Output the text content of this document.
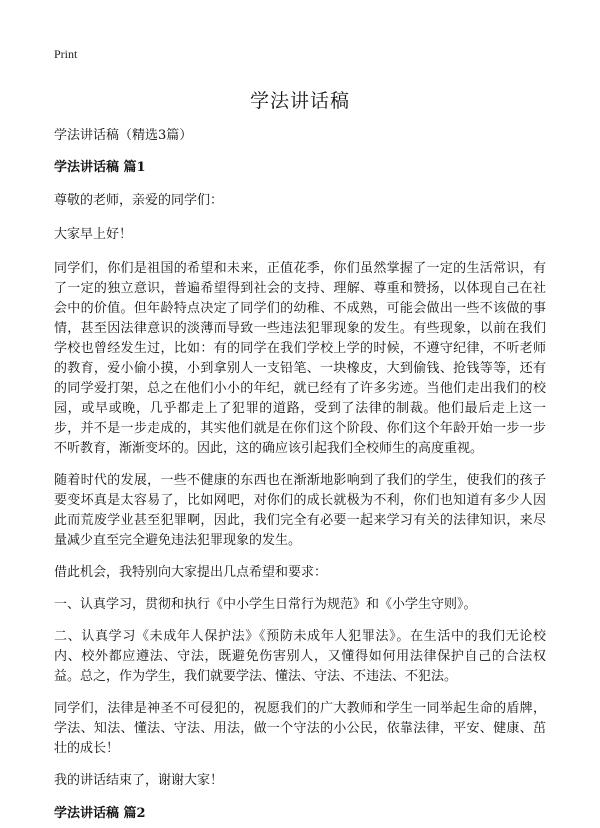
Print
学法讲话稿
学法讲话稿（精选3篇）
学法讲话稿 篇1

尊敬的老师，亲爱的同学们：

大家早上好！

同学们，你们是祖国的希望和未来，正值花季，你们虽然掌握了一定的生活常识，有了一定的独立意识，普遍希望得到社会的支持、理解、尊重和赞扬，以体现自己在社会中的价值。但年龄特点决定了同学们的幼稚、不成熟，可能会做出一些不该做的事情，甚至因法律意识的淡薄而导致一些违法犯罪现象的发生。有些现象，以前在我们学校也曾经发生过，比如：有的同学在我们学校上学的时候，不遵守纪律，不听老师的教育，爱小偷小摸，小到拿别人一支铅笔、一块橡皮，大到偷钱、抢钱等等，还有的同学爱打架，总之在他们小小的年纪，就已经有了许多劣迹。当他们走出我们的校园，或早或晚，几乎都走上了犯罪的道路，受到了法律的制裁。他们最后走上这一步，并不是一步走成的，其实他们就是在你们这个阶段、你们这个年龄开始一步一步不听教育，渐渐变坏的。因此，这的确应该引起我们全校师生的高度重视。

随着时代的发展，一些不健康的东西也在渐渐地影响到了我们的学生，使我们的孩子要变坏真是太容易了，比如网吧，对你们的成长就极为不利，你们也知道有多少人因此而荒废学业甚至犯罪啊，因此，我们完全有必要一起来学习有关的法律知识，来尽量减少直至完全避免违法犯罪现象的发生。

借此机会，我特别向大家提出几点希望和要求：

一、认真学习，贯彻和执行《中小学生日常行为规范》和《小学生守则》。

二、认真学习《未成年人保护法》《预防未成年人犯罪法》。在生活中的我们无论校内、校外都应遵法、守法，既避免伤害别人，又懂得如何用法律保护自己的合法权益。总之，作为学生，我们就要学法、懂法、守法、不违法、不犯法。

同学们，法律是神圣不可侵犯的，祝愿我们的广大教师和学生一同举起生命的盾牌，学法、知法、懂法、守法、用法，做一个守法的小公民，依靠法律，平安、健康、茁壮的成长！

我的讲话结束了，谢谢大家！

学法讲话稿 篇2
